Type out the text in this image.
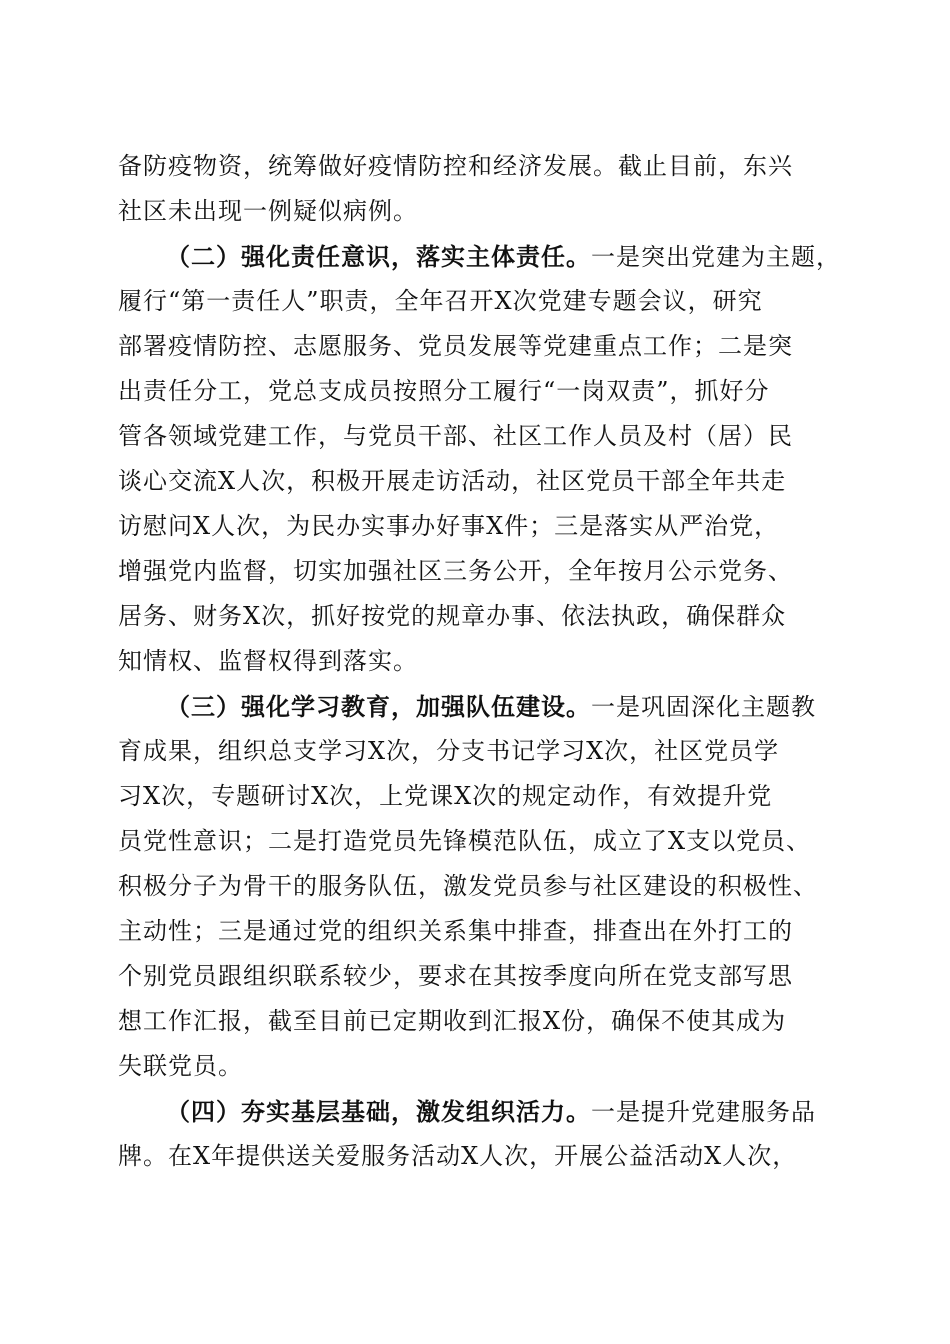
备防疫物资，统筹做好疫情防控和经济发展。截止目前，东兴
社区未出现一例疑似病例。
（二）强化责任意识，落实主体责任。一是突出党建为主题，
履行“第一责任人”职责，全年召开X次党建专题会议，研究
部署疫情防控、志愿服务、党员发展等党建重点工作；二是突
出责任分工，党总支成员按照分工履行“一岗双责”，抓好分
管各领域党建工作，与党员干部、社区工作人员及村（居）民
谈心交流X人次，积极开展走访活动，社区党员干部全年共走
访慰问X人次，为民办实事办好事X件；三是落实从严治党，
增强党内监督，切实加强社区三务公开，全年按月公示党务、
居务、财务X次，抓好按党的规章办事、依法执政，确保群众
知情权、监督权得到落实。
（三）强化学习教育，加强队伍建设。一是巩固深化主题教
育成果，组织总支学习X次，分支书记学习X次，社区党员学
习X次，专题研讨X次，上党课X次的规定动作，有效提升党
员党性意识；二是打造党员先锋模范队伍，成立了X支以党员、
积极分子为骨干的服务队伍，激发党员参与社区建设的积极性、
主动性；三是通过党的组织关系集中排查，排查出在外打工的
个别党员跟组织联系较少，要求在其按季度向所在党支部写思
想工作汇报，截至目前已定期收到汇报X份，确保不使其成为
失联党员。
（四）夯实基层基础，激发组织活力。一是提升党建服务品
牌。在X年提供送关爱服务活动X人次，开展公益活动X人次，
